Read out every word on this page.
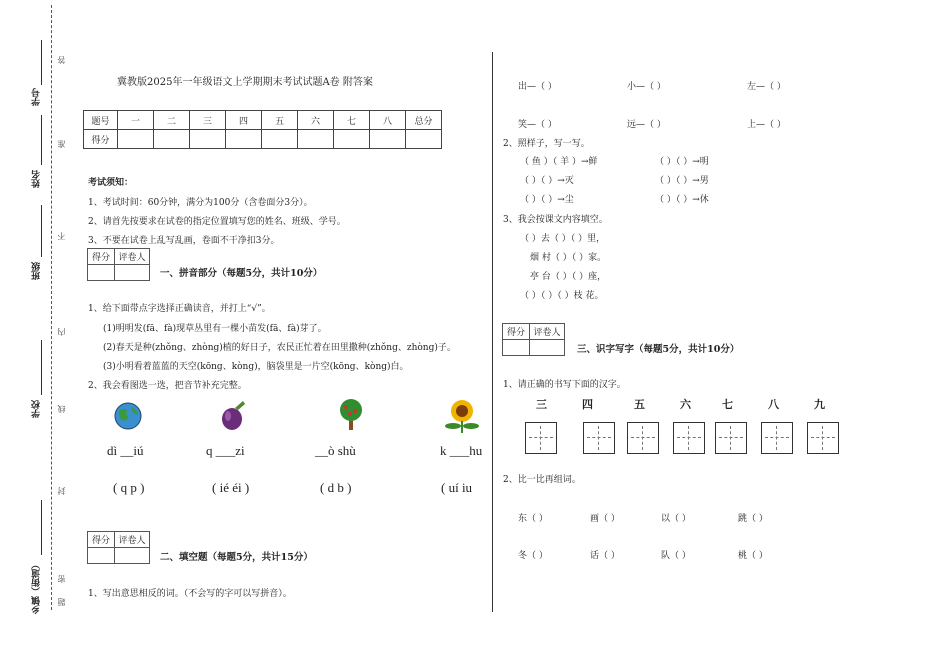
学号
姓名
班级
学校
乡镇（街道）
答
准
不
内
线
封
密
题
冀教版2025年一年级语文上学期期末考试试题A卷 附答案
题号	一	二	三	四	五	六	七	八	总分
得分									
考试须知：
1、考试时间：60分钟，满分为100分（含卷面分3分）。
2、请首先按要求在试卷的指定位置填写您的姓名、班级、学号。
3、不要在试卷上乱写乱画，卷面不干净扣3分。
得分	评卷人

一、拼音部分（每题5分，共计10分）
1、给下面带点字选择正确读音，并打上“√”。
(1)明明发(fā、fà)现草丛里有一棵小苗发(fā、fà)芽了。
(2)春天是种(zhǒng、zhòng)植的好日子，农民正忙着在田里撒种(zhǒng、zhòng)子。
(3)小明看着蓝蓝的天空(kōng、kòng)，脑袋里是一片空(kōng、kòng)白。
2、我会看图选一选，把音节补充完整。
dì __iú	q ___zi	__ò shù	k ___hu
( q p )	( ié éi )	( d b )	( uí iu
得分	评卷人

二、填空题（每题5分，共计15分）
1、写出意思相反的词。（不会写的字可以写拼音）。
出—（ ）	小—（ ）	左—（ ）
笑—（ ）	远—（ ）	上—（ ）
2、照样子，写一写。
（ 鱼 ）（ 羊 ）→鲜	（ ）（ ）→明
（ ）（ ）→灭	（ ）（ ）→男
（ ）（ ）→尘	（ ）（ ）→休
3、我会按课文内容填空。
（ ）去（ ）（ ）里，
烟 村（ ）（ ）家。
亭 台（ ）（ ）座，
（ ）（ ）（ ）枝 花。
得分	评卷人

三、识字写字（每题5分，共计10分）
1、请正确的书写下面的汉字。
三	四	五	六	七	八	九
2、比一比再组词。
东（ ）	画（ ）	以（ ）	跳（ ）
冬（ ）	话（ ）	队（ ）	桃（ ）
